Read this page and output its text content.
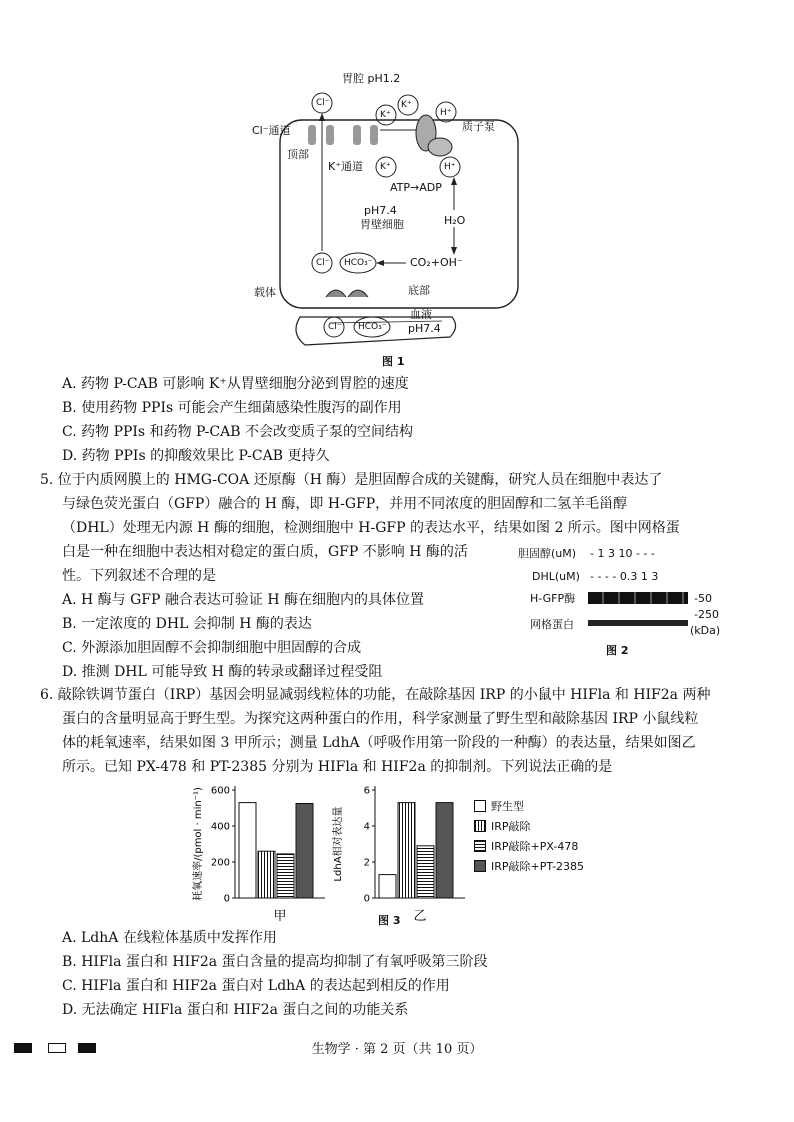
胃腔 pH1.2
Cl⁻	K⁺
K⁺	H⁺
质子泵
Cl⁻通道
顶部
K⁺通道 K⁺	H⁺
ATP→ADP
pH7.4
H₂O
胃壁细胞
Cl⁻ HCO₃⁻	CO₂+OH⁻
载体	底部
血液
pH7.4
Cl⁻ HCO₃⁻
图 1
A. 药物 P-CAB 可影响 K⁺从胃壁细胞分泌到胃腔的速度
B. 使用药物 PPIs 可能会产生细菌感染性腹泻的副作用
C. 药物 PPIs 和药物 P-CAB 不会改变质子泵的空间结构
D. 药物 PPIs 的抑酸效果比 P-CAB 更持久
5. 位于内质网膜上的 HMG-COA 还原酶（H 酶）是胆固醇合成的关键酶，研究人员在细胞中表达了
与绿色荧光蛋白（GFP）融合的 H 酶，即 H-GFP，并用不同浓度的胆固醇和二氢羊毛甾醇
（DHL）处理无内源 H 酶的细胞，检测细胞中 H-GFP 的表达水平，结果如图 2 所示。图中网格蛋
白是一种在细胞中表达相对稳定的蛋白质，GFP 不影响 H 酶的活
性。下列叙述不合理的是
A. H 酶与 GFP 融合表达可验证 H 酶在细胞内的具体位置
B. 一定浓度的 DHL 会抑制 H 酶的表达
C. 外源添加胆固醇不会抑制细胞中胆固醇的合成
D. 推测 DHL 可能导致 H 酶的转录或翻译过程受阻
胆固醇(uM) - 1 3 10 - - -
DHL(uM) - - - - 0.3 1 3
H-GFP酶	-50
-250
网格蛋白	(kDa)
图 2
6. 敲除铁调节蛋白（IRP）基因会明显减弱线粒体的功能，在敲除基因 IRP 的小鼠中 HIFla 和 HIF2a 两种
蛋白的含量明显高于野生型。为探究这两种蛋白的作用，科学家测量了野生型和敲除基因 IRP 小鼠线粒
体的耗氧速率，结果如图 3 甲所示；测量 LdhA（呼吸作用第一阶段的一种酶）的表达量，结果如图乙
所示。已知 PX-478 和 PT-2385 分别为 HIFla 和 HIF2a 的抑制剂。下列说法正确的是
0
200
400
600
耗氧速率/(pmol · min⁻¹)
甲
0
2
4
6
LdhA相对表达量
乙
野生型
IRP敲除
IRP敲除+PX-478
IRP敲除+PT-2385
图 3
A. LdhA 在线粒体基质中发挥作用
B. HIFla 蛋白和 HIF2a 蛋白含量的提高均抑制了有氧呼吸第三阶段
C. HIFla 蛋白和 HIF2a 蛋白对 LdhA 的表达起到相反的作用
D. 无法确定 HIFla 蛋白和 HIF2a 蛋白之间的功能关系
生物学 · 第 2 页（共 10 页）
